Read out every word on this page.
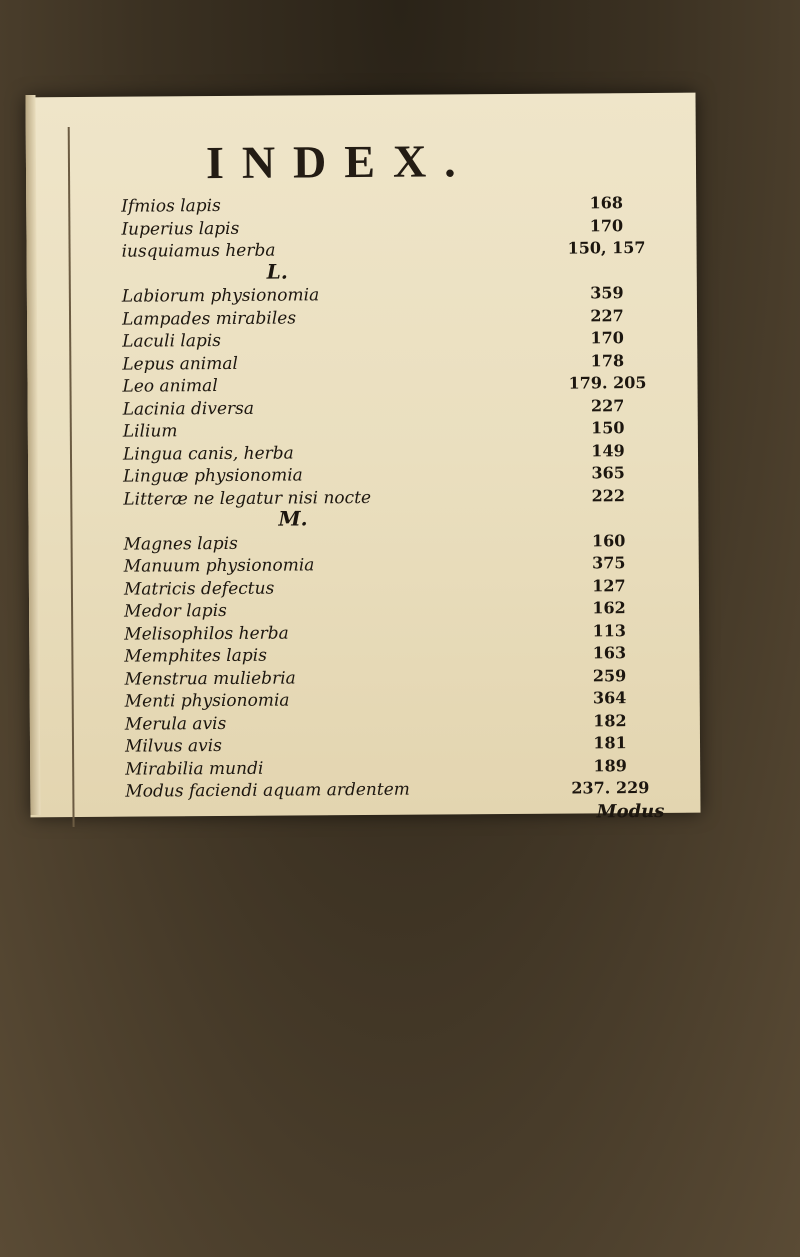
INDEX.
Ifmios lapis	168
Iuperius lapis	170
iusquiamus herba	150, 157
L.
Labiorum physionomia	359
Lampades mirabiles	227
Laculi lapis	170
Lepus animal	178
Leo animal	179. 205
Lacinia diversa	227
Lilium	150
Lingua canis, herba	149
Linguæ physionomia	365
Litteræ ne legatur nisi nocte	222
M.
Magnes lapis	160
Manuum physionomia	375
Matricis defectus	127
Medor lapis	162
Melisophilos herba	113
Memphites lapis	163
Menstrua muliebria	259
Menti physionomia	364
Merula avis	182
Milvus avis	181
Mirabilia mundi	189
Modus faciendi aquam ardentem	237. 229
Modus
